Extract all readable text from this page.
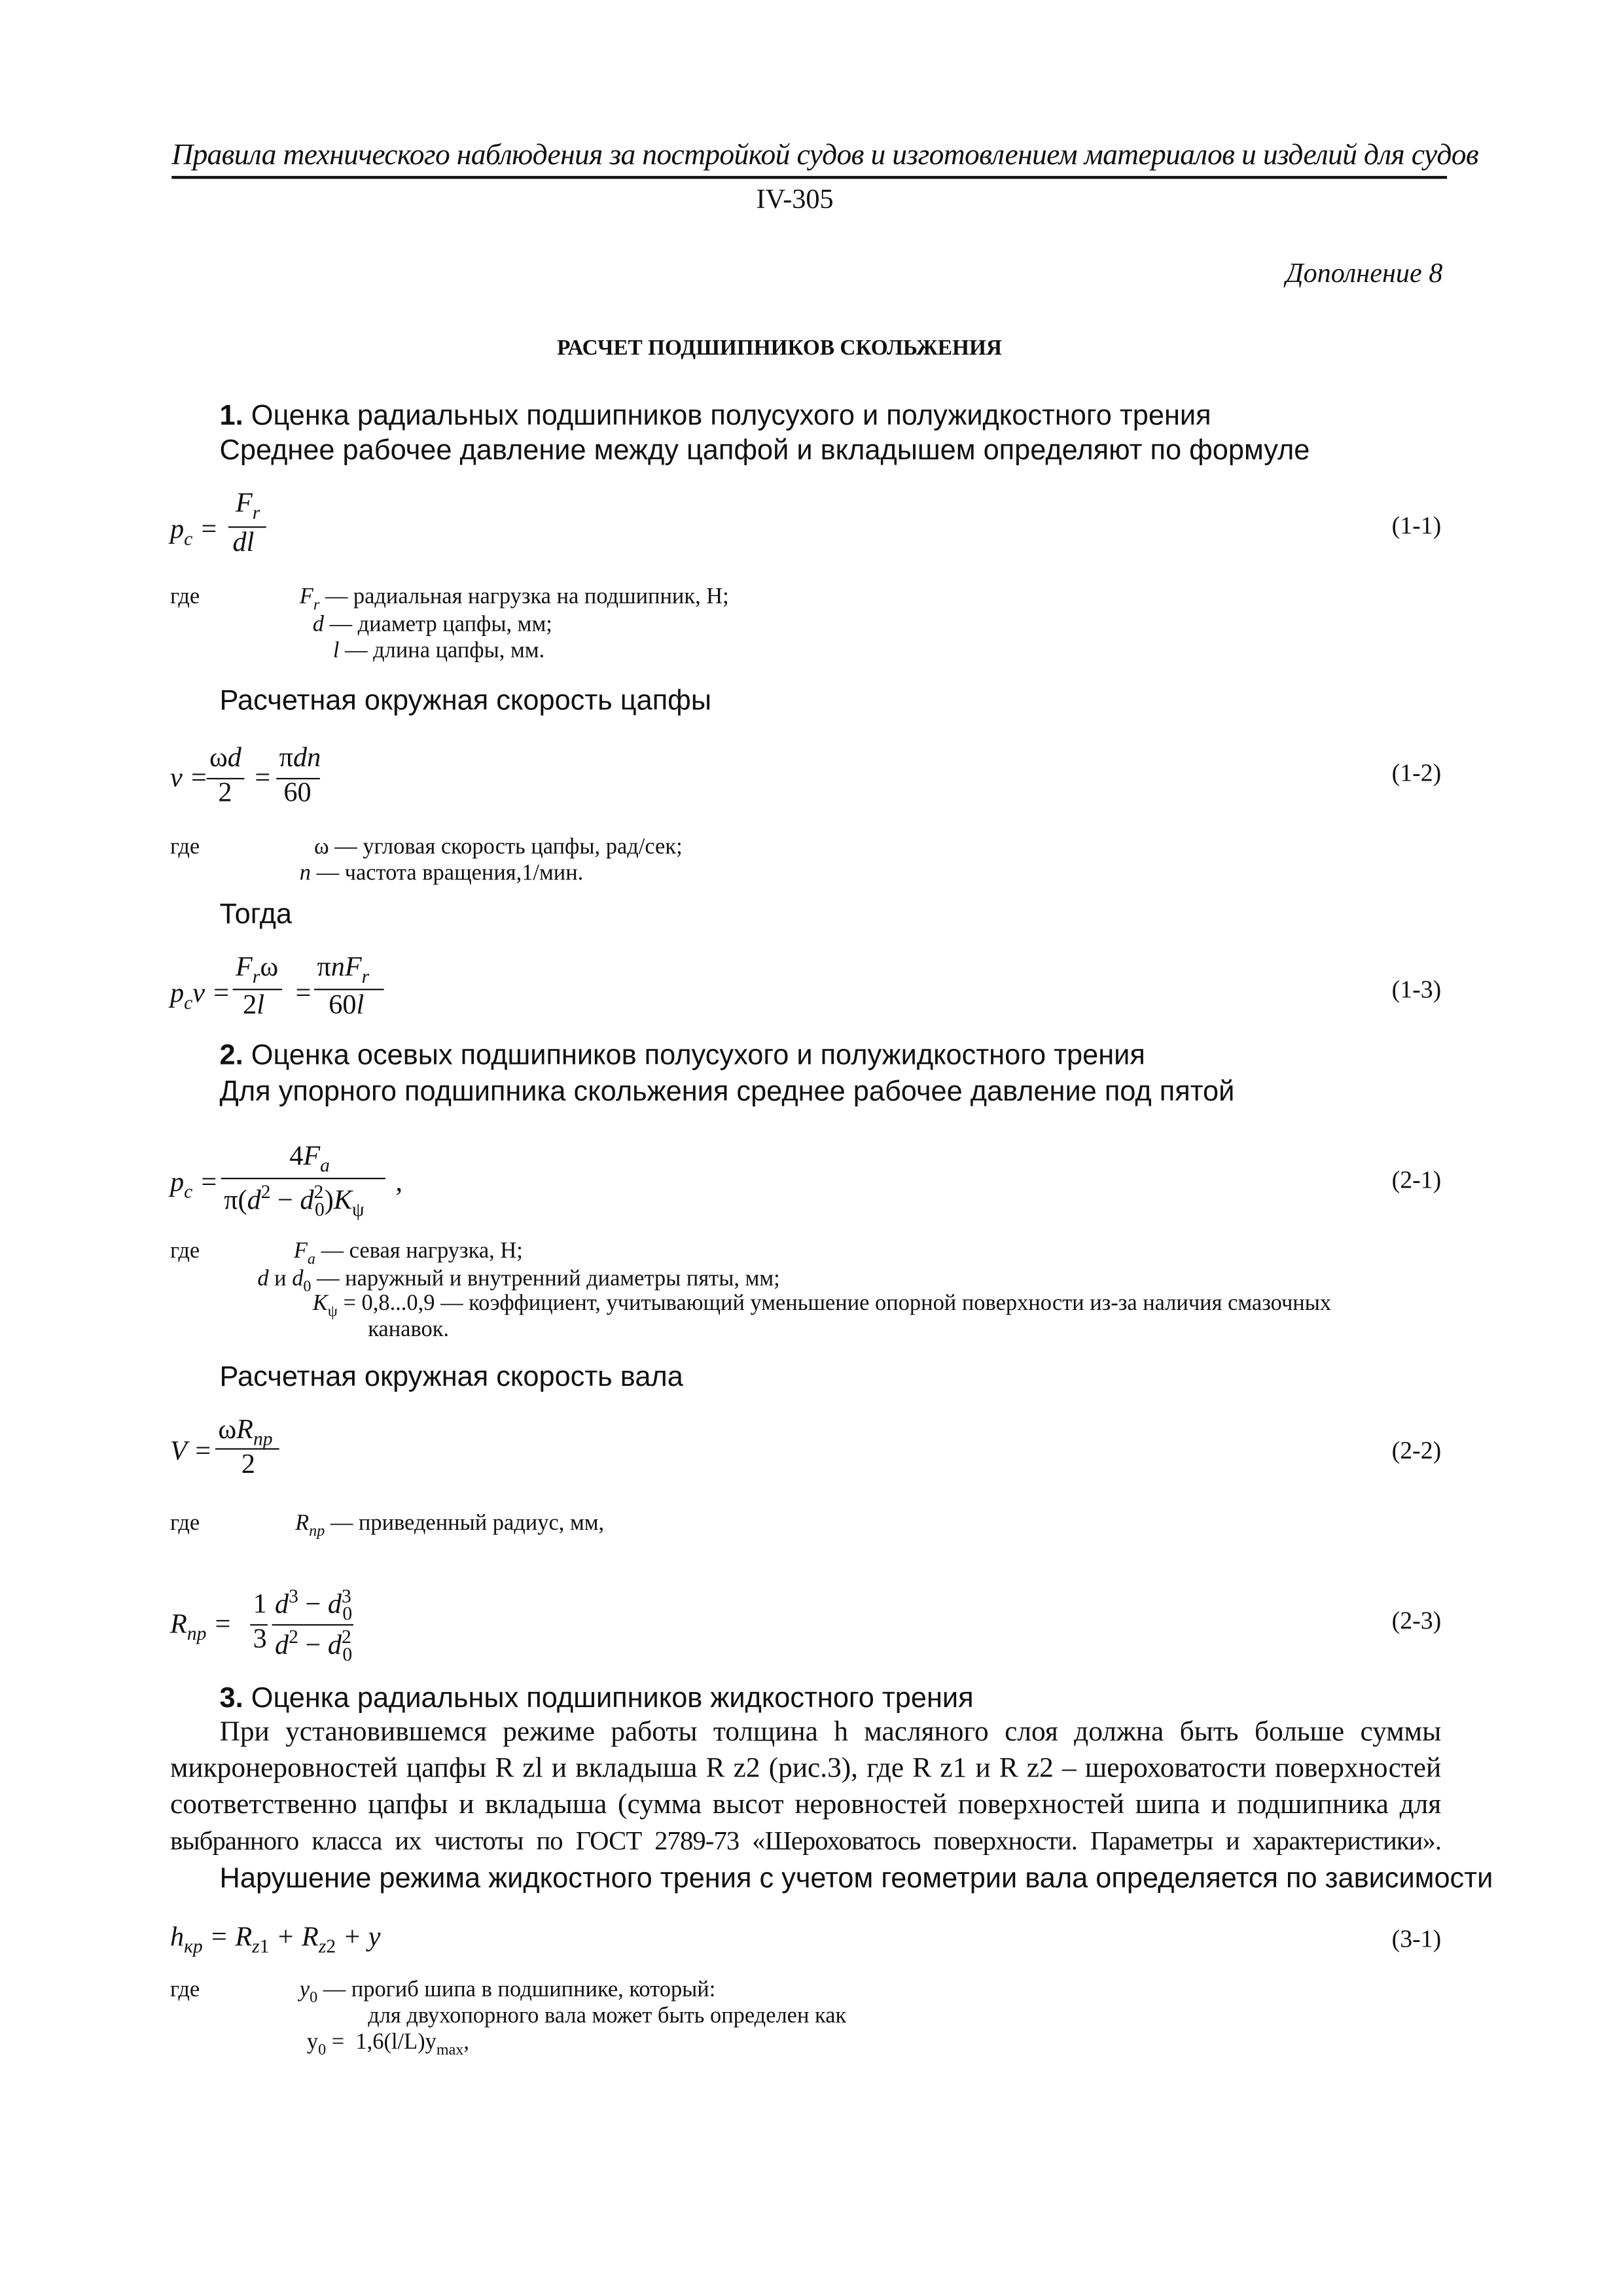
Правила технического наблюдения за постройкой судов и изготовлением материалов и изделий для судов
IV-305
Дополнение 8
РАСЧЕТ ПОДШИПНИКОВ СКОЛЬЖЕНИЯ
1. Оценка радиальных подшипников полусухого и полужидкостного трения
Среднее рабочее давление между цапфой и вкладышем определяют по формуле
$p_c$ =
$F_r$
dl
(1-1)
где	$F_r$ — радиальная нагрузка на подшипник, Н;
d — диаметр цапфы, мм;
l — длина цапфы, мм.
Расчетная окружная скорость цапфы
v =
ωd
2 =
πdn
60
(1-2)
где	ω — угловая скорость цапфы, рад/сек;
n — частота вращения,1/мин.
Тогда
$p_cv$ =
$F_r\omega$
2l =
πnF$_r$
60l
(1-3)
2. Оценка осевых подшипников полусухого и полужидкостного трения
Для упорного подшипника скольжения среднее рабочее давление под пятой
$p_c$ =
$4F_a$
$\pi(d^2 - d^2_0)K_\psi$
,	(2-1)
где	$F_a$ — севая нагрузка, Н;
d и $d_0$ — наружный и внутренний диаметры пяты, мм;
$K_\psi = 0,8...0,9$ — коэффициент, учитывающий уменьшение опорной поверхности из-за наличия смазочных
канавок.
Расчетная окружная скорость вала
V =
$\omega R_{np}$
2	(2-2)
где	$R_{np}$ — приведенный радиус, мм,
$R_{np}$ =
1
3
$d^3 - d^3_0$
$d^2 - d^2_0$
(2-3)
3. Оценка радиальных подшипников жидкостного трения
При установившемся режиме работы толщина h масляного слоя должна быть больше суммы
микронеровностей цапфы R zl и вкладыша R z2 (рис.3), где R z1 и R z2 – шероховатости поверхностей
соответственно цапфы и вкладыша (сумма высот неровностей поверхностей шипа и подшипника для
выбранного класса их чистоты по ГОСТ 2789-73 «Шероховатось поверхности. Параметры и характеристики».
Нарушение режима жидкостного трения с учетом геометрии вала определяется по зависимости
$h_{кр} = R_{z1} + R_{z2} + y$	(3-1)
где	$y_0$ — прогиб шипа в подшипнике, который:
для двухопорного вала может быть определен как
$y_0 = 1,6(l/L)y_{max}$,
